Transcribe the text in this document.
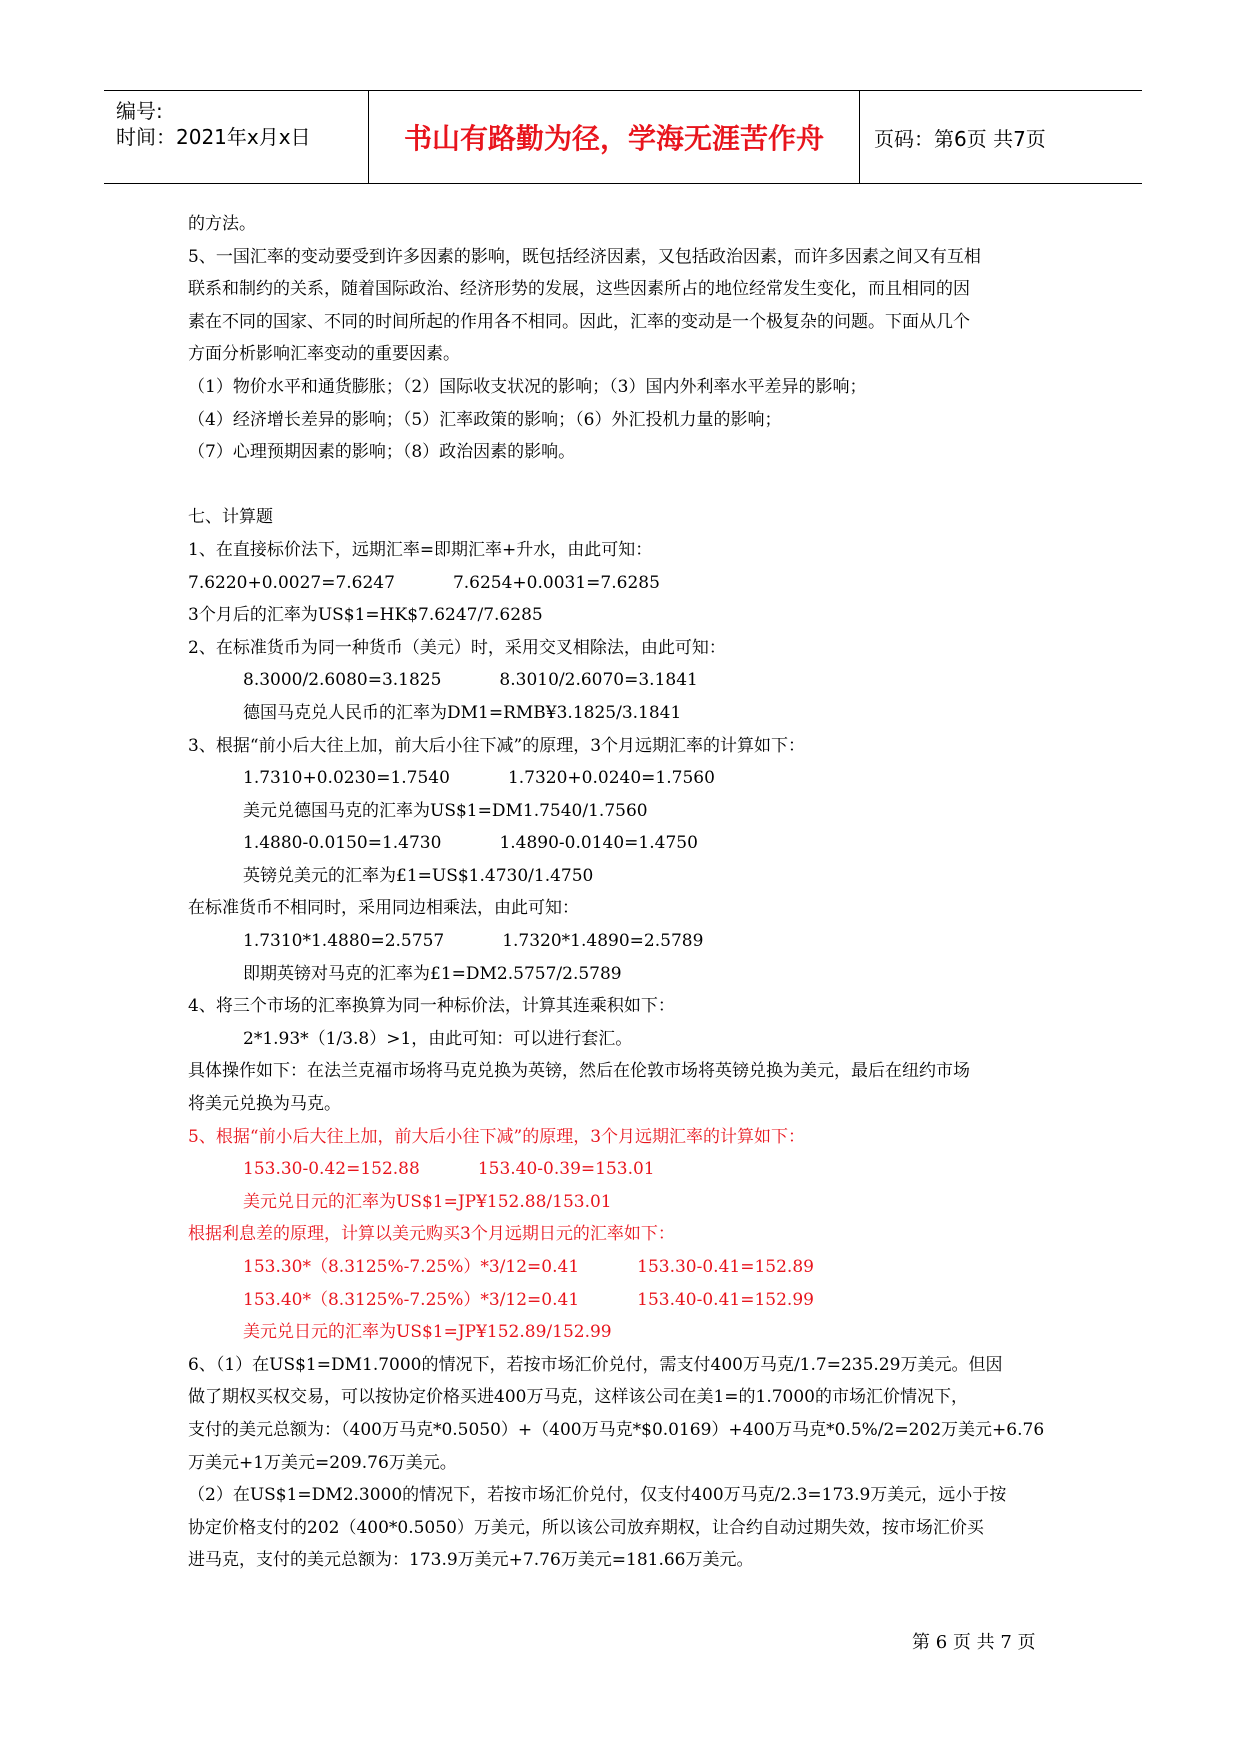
编号:
时间：2021年x月x日	书山有路勤为径，学海无涯苦作舟	页码：第6页 共7页
的方法。
5、一国汇率的变动要受到许多因素的影响，既包括经济因素，又包括政治因素，而许多因素之间又有互相
联系和制约的关系，随着国际政治、经济形势的发展，这些因素所占的地位经常发生变化，而且相同的因
素在不同的国家、不同的时间所起的作用各不相同。因此，汇率的变动是一个极复杂的问题。下面从几个
方面分析影响汇率变动的重要因素。
（1）物价水平和通货膨胀；（2）国际收支状况的影响；（3）国内外利率水平差异的影响；
（4）经济增长差异的影响；（5）汇率政策的影响；（6）外汇投机力量的影响；
（7）心理预期因素的影响；（8）政治因素的影响。
七、计算题
1、在直接标价法下，远期汇率=即期汇率+升水，由此可知：
7.6220+0.0027=7.6247	7.6254+0.0031=7.6285
3个月后的汇率为US$1=HK$7.6247/7.6285
2、在标准货币为同一种货币（美元）时，采用交叉相除法，由此可知：
8.3000/2.6080=3.1825	8.3010/2.6070=3.1841
德国马克兑人民币的汇率为DM1=RMB¥3.1825/3.1841
3、根据“前小后大往上加，前大后小往下减”的原理，3个月远期汇率的计算如下：
1.7310+0.0230=1.7540	1.7320+0.0240=1.7560
美元兑德国马克的汇率为US$1=DM1.7540/1.7560
1.4880-0.0150=1.4730	1.4890-0.0140=1.4750
英镑兑美元的汇率为£1=US$1.4730/1.4750
在标准货币不相同时，采用同边相乘法，由此可知：
1.7310*1.4880=2.5757	1.7320*1.4890=2.5789
即期英镑对马克的汇率为£1=DM2.5757/2.5789
4、将三个市场的汇率换算为同一种标价法，计算其连乘积如下：
2*1.93*（1/3.8）>1，由此可知：可以进行套汇。
具体操作如下：在法兰克福市场将马克兑换为英镑，然后在伦敦市场将英镑兑换为美元，最后在纽约市场
将美元兑换为马克。
5、根据“前小后大往上加，前大后小往下减”的原理，3个月远期汇率的计算如下：
153.30-0.42=152.88	153.40-0.39=153.01
美元兑日元的汇率为US$1=JP¥152.88/153.01
根据利息差的原理，计算以美元购买3个月远期日元的汇率如下：
153.30*（8.3125%-7.25%）*3/12=0.41	153.30-0.41=152.89
153.40*（8.3125%-7.25%）*3/12=0.41	153.40-0.41=152.99
美元兑日元的汇率为US$1=JP¥152.89/152.99
6、（1）在US$1=DM1.7000的情况下，若按市场汇价兑付，需支付400万马克/1.7=235.29万美元。但因
做了期权买权交易，可以按协定价格买进400万马克，这样该公司在美1=的1.7000的市场汇价情况下，
支付的美元总额为：（400万马克*0.5050）+（400万马克*$0.0169）+400万马克*0.5%/2=202万美元+6.76
万美元+1万美元=209.76万美元。
（2）在US$1=DM2.3000的情况下，若按市场汇价兑付，仅支付400万马克/2.3=173.9万美元，远小于按
协定价格支付的202（400*0.5050）万美元，所以该公司放弃期权，让合约自动过期失效，按市场汇价买
进马克，支付的美元总额为：173.9万美元+7.76万美元=181.66万美元。
第 6 页 共 7 页
